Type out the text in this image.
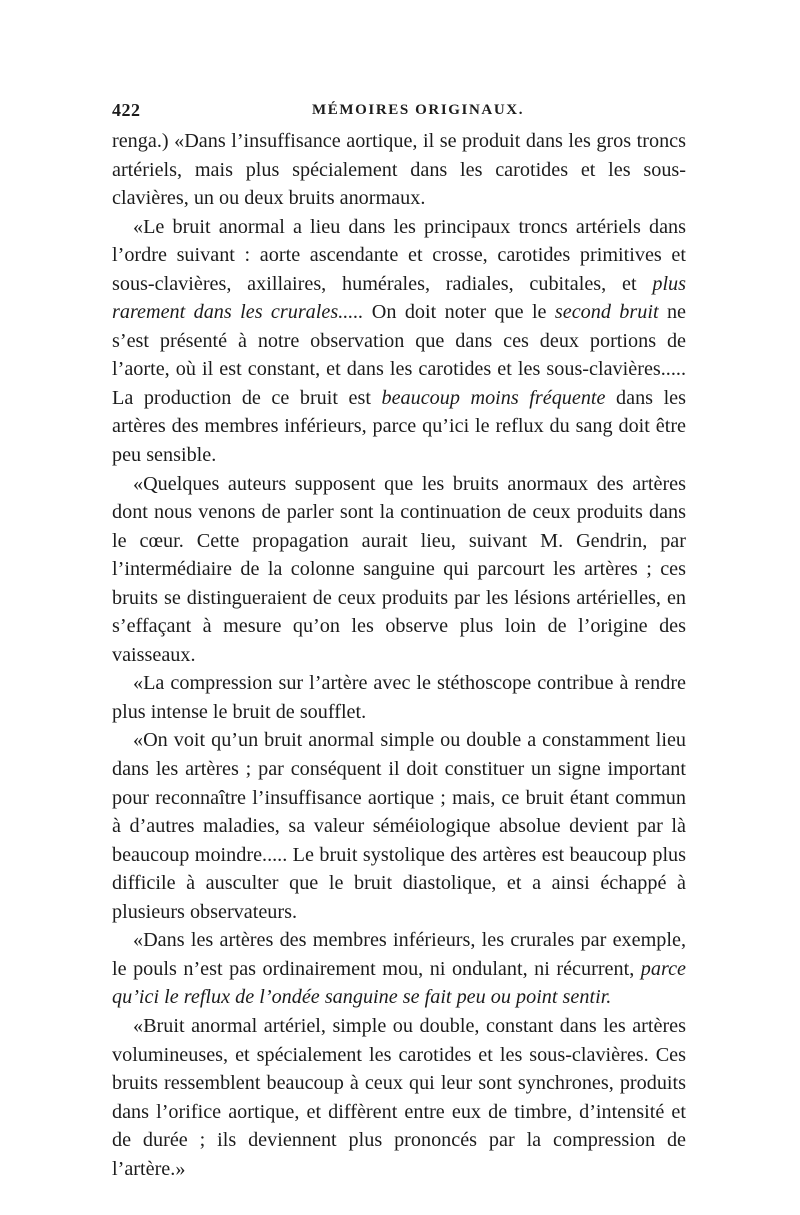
422	MÉMOIRES ORIGINAUX.

renga.) «Dans l’insuffisance aortique, il se produit dans les gros troncs artériels, mais plus spécialement dans les carotides et les sous-clavières, un ou deux bruits anormaux.

«Le bruit anormal a lieu dans les principaux troncs artériels dans l’ordre suivant : aorte ascendante et crosse, carotides primitives et sous-clavières, axillaires, humérales, radiales, cubitales, et plus rarement dans les crurales..... On doit noter que le second bruit ne s’est présenté à notre observation que dans ces deux portions de l’aorte, où il est constant, et dans les carotides et les sous-clavières..... La production de ce bruit est beaucoup moins fréquente dans les artères des membres inférieurs, parce qu’ici le reflux du sang doit être peu sensible.

«Quelques auteurs supposent que les bruits anormaux des artères dont nous venons de parler sont la continuation de ceux produits dans le cœur. Cette propagation aurait lieu, suivant M. Gendrin, par l’intermédiaire de la colonne sanguine qui parcourt les artères ; ces bruits se distingueraient de ceux produits par les lésions artérielles, en s’effaçant à mesure qu’on les observe plus loin de l’origine des vaisseaux.

«La compression sur l’artère avec le stéthoscope contribue à rendre plus intense le bruit de soufflet.

«On voit qu’un bruit anormal simple ou double a constamment lieu dans les artères ; par conséquent il doit constituer un signe important pour reconnaître l’insuffisance aortique ; mais, ce bruit étant commun à d’autres maladies, sa valeur séméiologique absolue devient par là beaucoup moindre..... Le bruit systolique des artères est beaucoup plus difficile à ausculter que le bruit diastolique, et a ainsi échappé à plusieurs observateurs.

«Dans les artères des membres inférieurs, les crurales par exemple, le pouls n’est pas ordinairement mou, ni ondulant, ni récurrent, parce qu’ici le reflux de l’ondée sanguine se fait peu ou point sentir.

«Bruit anormal artériel, simple ou double, constant dans les artères volumineuses, et spécialement les carotides et les sous-clavières. Ces bruits ressemblent beaucoup à ceux qui leur sont synchrones, produits dans l’orifice aortique, et diffèrent entre eux de timbre, d’intensité et de durée ; ils deviennent plus prononcés par la compression de l’artère.»
